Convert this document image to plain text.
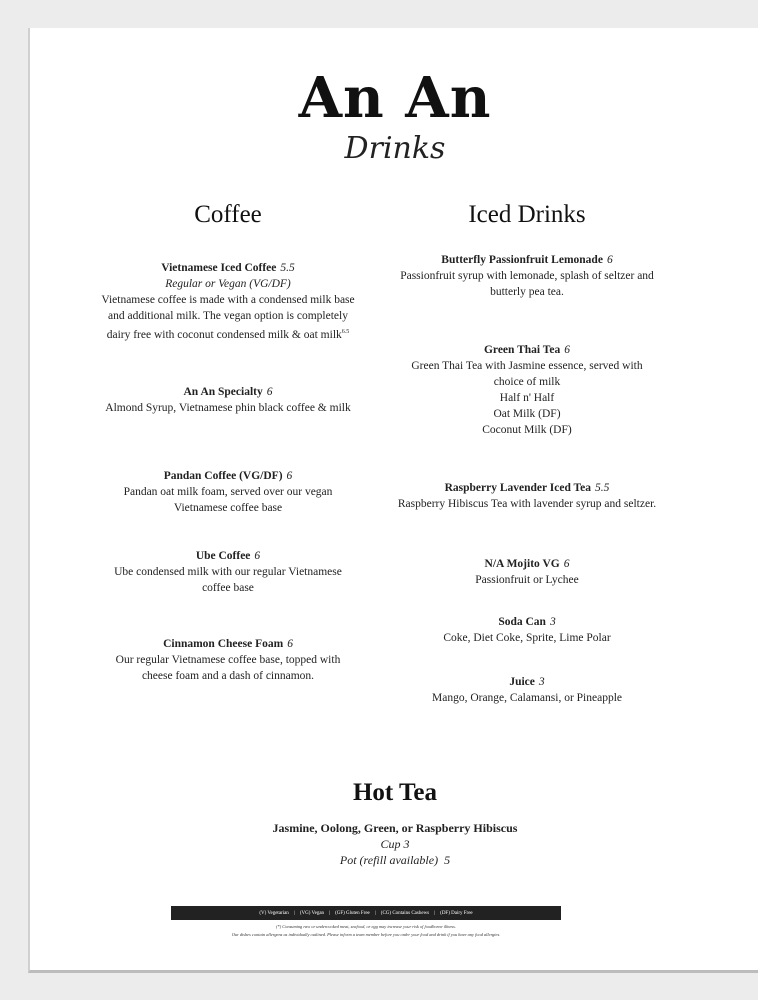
An An
Drinks
Coffee
Vietnamese Iced Coffee 5.5
Regular or Vegan (VG/DF)
Vietnamese coffee is made with a condensed milk base and additional milk. The vegan option is completely dairy free with coconut condensed milk & oat milk$^{6.5}$
An An Specialty 6
Almond Syrup, Vietnamese phin black coffee & milk
Pandan Coffee (VG/DF) 6
Pandan oat milk foam, served over our vegan Vietnamese coffee base
Ube Coffee 6
Ube condensed milk with our regular Vietnamese coffee base
Cinnamon Cheese Foam 6
Our regular Vietnamese coffee base, topped with cheese foam and a dash of cinnamon.
Iced Drinks
Butterfly Passionfruit Lemonade 6
Passionfruit syrup with lemonade, splash of seltzer and butterly pea tea.
Green Thai Tea 6
Green Thai Tea with Jasmine essence, served with choice of milk
Half n' Half
Oat Milk (DF)
Coconut Milk (DF)
Raspberry Lavender Iced Tea 5.5
Raspberry Hibiscus Tea with lavender syrup and seltzer.
N/A Mojito VG 6
Passionfruit or Lychee
Soda Can 3
Coke, Diet Coke, Sprite, Lime Polar
Juice 3
Mango, Orange, Calamansi, or Pineapple
Hot Tea
Jasmine, Oolong, Green, or Raspberry Hibiscus
Cup 3
Pot (refill available) 5
(V) Vegetarian	|	(VG) Vegan	|	(GF) Gluten Free	|	(CG) Contains Cashews	|	(DF) Dairy Free
(*) Consuming raw or undercooked meat, seafood, or egg may increase your risk of foodborne illness.
Our dishes contain allergens as individually outlined. Please inform a team member before you order your food and drink if you have any food allergies.
